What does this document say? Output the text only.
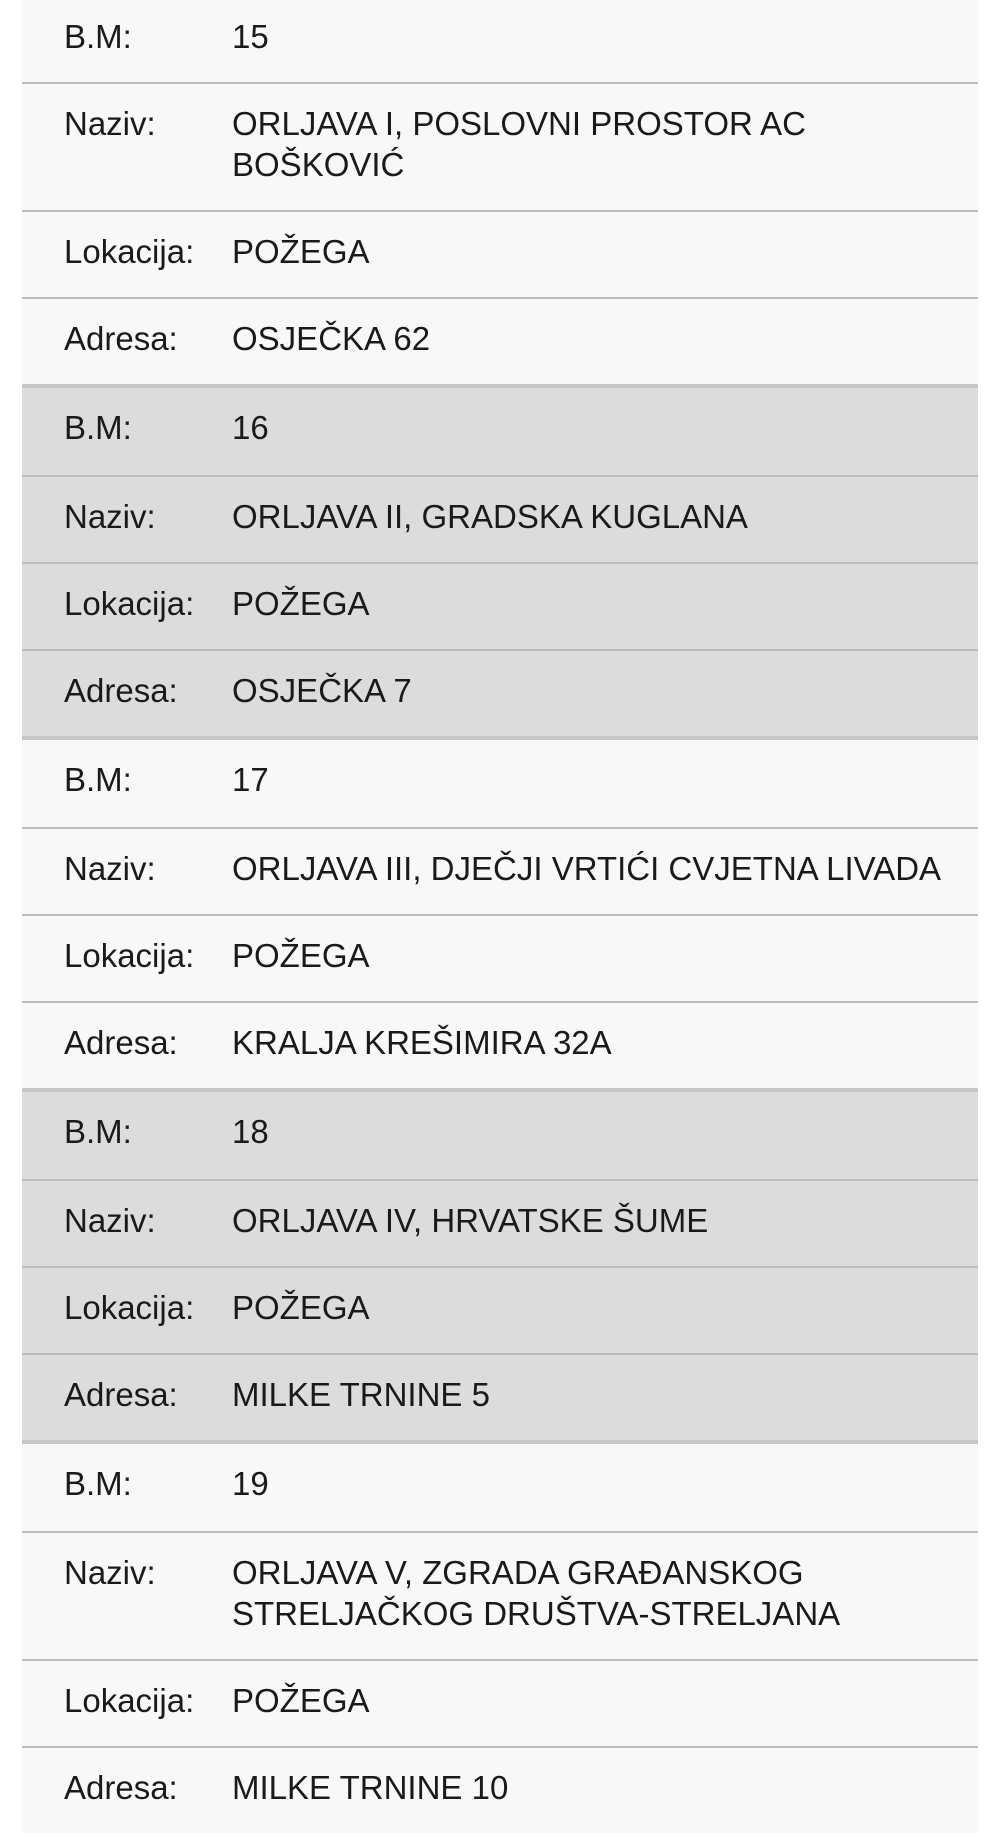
B.M:	15
Naziv:	ORLJAVA I, POSLOVNI PROSTOR AC
BOŠKOVIĆ
Lokacija:	POŽEGA
Adresa:	OSJEČKA 62
B.M:	16
Naziv:	ORLJAVA II, GRADSKA KUGLANA
Lokacija:	POŽEGA
Adresa:	OSJEČKA 7
B.M:	17
Naziv:	ORLJAVA III, DJEČJI VRTIĆI CVJETNA LIVADA
Lokacija:	POŽEGA
Adresa:	KRALJA KREŠIMIRA 32A
B.M:	18
Naziv:	ORLJAVA IV, HRVATSKE ŠUME
Lokacija:	POŽEGA
Adresa:	MILKE TRNINE 5
B.M:	19
Naziv:	ORLJAVA V, ZGRADA GRAĐANSKOG
STRELJAČKOG DRUŠTVA-STRELJANA
Lokacija:	POŽEGA
Adresa:	MILKE TRNINE 10
